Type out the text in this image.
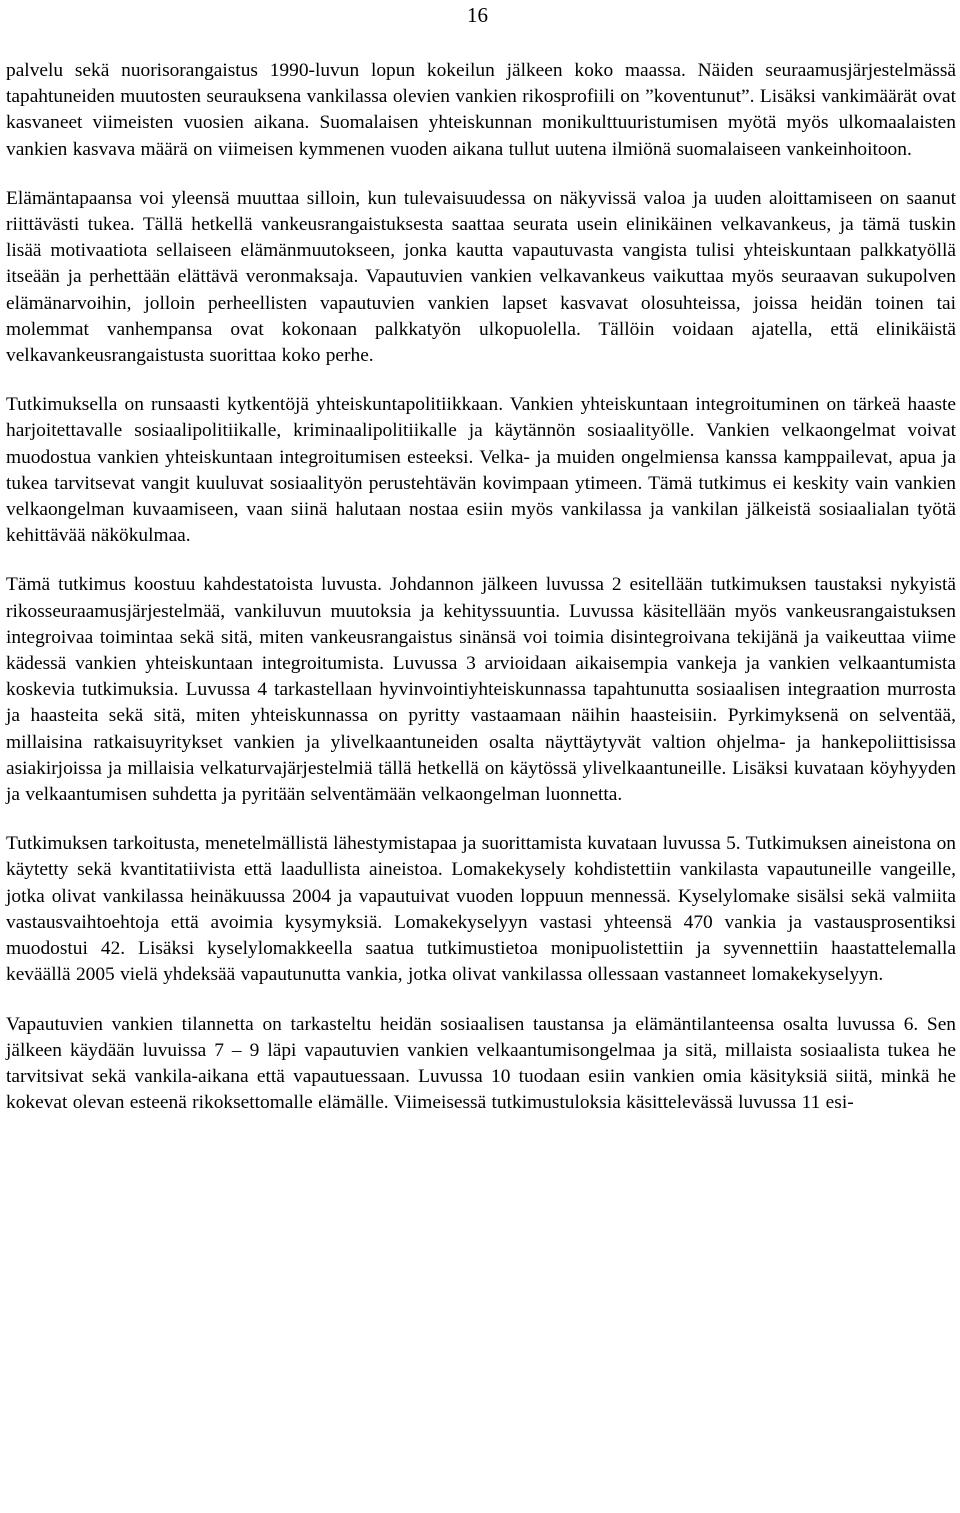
16

palvelu sekä nuorisorangaistus 1990-luvun lopun kokeilun jälkeen koko maassa. Näiden seuraamusjärjestelmässä tapahtuneiden muutosten seurauksena vankilassa olevien vankien rikosprofiili on ”koventunut”. Lisäksi vankimäärät ovat kasvaneet viimeisten vuosien aikana. Suomalaisen yhteiskunnan monikulttuuristumisen myötä myös ulkomaalaisten vankien kasvava määrä on viimeisen kymmenen vuoden aikana tullut uutena ilmiönä suomalaiseen vankeinhoitoon.

Elämäntapaansa voi yleensä muuttaa silloin, kun tulevaisuudessa on näkyvissä valoa ja uuden aloittamiseen on saanut riittävästi tukea. Tällä hetkellä vankeusrangaistuksesta saattaa seurata usein elinikäinen velkavankeus, ja tämä tuskin lisää motivaatiota sellaiseen elämänmuutokseen, jonka kautta vapautuvasta vangista tulisi yhteiskuntaan palkkatyöllä itseään ja perhettään elättävä veronmaksaja. Vapautuvien vankien velkavankeus vaikuttaa myös seuraavan sukupolven elämänarvoihin, jolloin perheellisten vapautuvien vankien lapset kasvavat olosuhteissa, joissa heidän toinen tai molemmat vanhempansa ovat kokonaan palkkatyön ulkopuolella. Tällöin voidaan ajatella, että elinikäistä velkavankeusrangaistusta suorittaa koko perhe.

Tutkimuksella on runsaasti kytkentöjä yhteiskuntapolitiikkaan. Vankien yhteiskuntaan integroituminen on tärkeä haaste harjoitettavalle sosiaalipolitiikalle, kriminaalipolitiikalle ja käytännön sosiaalityölle. Vankien velkaongelmat voivat muodostua vankien yhteiskuntaan integroitumisen esteeksi. Velka- ja muiden ongelmiensa kanssa kamppailevat, apua ja tukea tarvitsevat vangit kuuluvat sosiaalityön perustehtävän kovimpaan ytimeen. Tämä tutkimus ei keskity vain vankien velkaongelman kuvaamiseen, vaan siinä halutaan nostaa esiin myös vankilassa ja vankilan jälkeistä sosiaalialan työtä kehittävää näkökulmaa.

Tämä tutkimus koostuu kahdestatoista luvusta. Johdannon jälkeen luvussa 2 esitellään tutkimuksen taustaksi nykyistä rikosseuraamusjärjestelmää, vankiluvun muutoksia ja kehityssuuntia. Luvussa käsitellään myös vankeusrangaistuksen integroivaa toimintaa sekä sitä, miten vankeusrangaistus sinänsä voi toimia disintegroivana tekijänä ja vaikeuttaa viime kädessä vankien yhteiskuntaan integroitumista. Luvussa 3 arvioidaan aikaisempia vankeja ja vankien velkaantumista koskevia tutkimuksia. Luvussa 4 tarkastellaan hyvinvointiyhteiskunnassa tapahtunutta sosiaalisen integraation murrosta ja haasteita sekä sitä, miten yhteiskunnassa on pyritty vastaamaan näihin haasteisiin. Pyrkimyksenä on selventää, millaisina ratkaisuyritykset vankien ja ylivelkaantuneiden osalta näyttäytyvät valtion ohjelma- ja hankepoliittisissa asiakirjoissa ja millaisia velkaturvajärjestelmiä tällä hetkellä on käytössä ylivelkaantuneille. Lisäksi kuvataan köyhyyden ja velkaantumisen suhdetta ja pyritään selventämään velkaongelman luonnetta.

Tutkimuksen tarkoitusta, menetelmällistä lähestymistapaa ja suorittamista kuvataan luvussa 5. Tutkimuksen aineistona on käytetty sekä kvantitatiivista että laadullista aineistoa. Lomakekysely kohdistettiin vankilasta vapautuneille vangeille, jotka olivat vankilassa heinäkuussa 2004 ja vapautuivat vuoden loppuun mennessä. Kyselylomake sisälsi sekä valmiita vastausvaihtoehtoja että avoimia kysymyksiä. Lomakekyselyyn vastasi yhteensä 470 vankia ja vastausprosentiksi muodostui 42. Lisäksi kyselylomakkeella saatua tutkimustietoa monipuolistettiin ja syvennettiin haastattelemalla keväällä 2005 vielä yhdeksää vapautunutta vankia, jotka olivat vankilassa ollessaan vastanneet lomakekyselyyn.

Vapautuvien vankien tilannetta on tarkasteltu heidän sosiaalisen taustansa ja elämäntilanteensa osalta luvussa 6. Sen jälkeen käydään luvuissa 7 – 9 läpi vapautuvien vankien velkaantumisongelmaa ja sitä, millaista sosiaalista tukea he tarvitsivat sekä vankila-aikana että vapautuessaan. Luvussa 10 tuodaan esiin vankien omia käsityksiä siitä, minkä he kokevat olevan esteenä rikoksettomalle elämälle. Viimeisessä tutkimustuloksia käsittelevässä luvussa 11 esi-
